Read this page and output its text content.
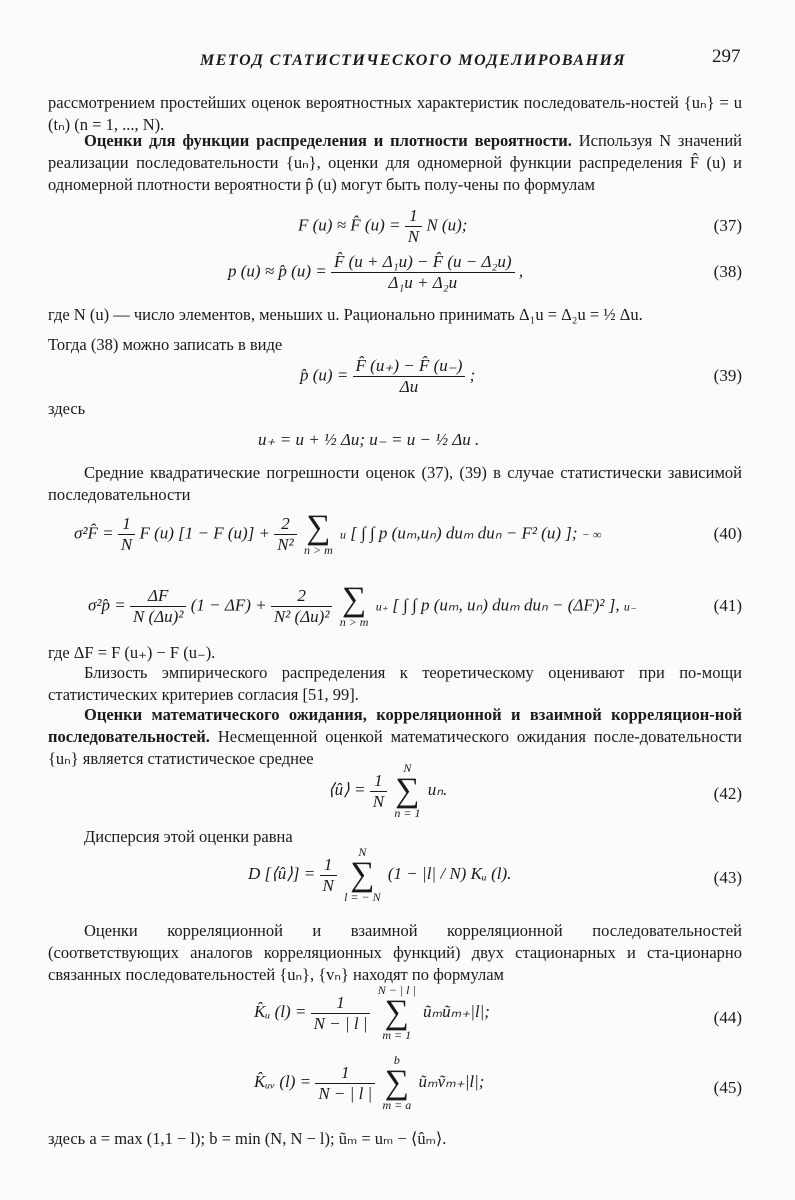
МЕТОД СТАТИСТИЧЕСКОГО МОДЕЛИРОВАНИЯ	297
рассмотрением простейших оценок вероятностных характеристик последователь-ностей {uₙ} = u (tₙ) (n = 1, ..., N).
Оценки для функции распределения и плотности вероятности. Используя N значений реализации последовательности {uₙ}, оценки для одномерной функции распределения F̂ (u) и одномерной плотности вероятности p̂ (u) могут быть полу-чены по формулам
F (u) ≈ F̂ $(u) = \frac{1}{N}$ N (u);	(37)
p (u) ≈ p̂ $(u) = \frac{\text{F̂ (u + Δ₁u) − F̂ (u − Δ₂u)}}{\text{Δ₁u + Δ₂u}}$ ,	(38)
где N (u) — число элементов, меньших u. Рационально принимать Δ₁u = Δ₂u = ½ Δu.
Тогда (38) можно записать в виде
p̂ $(u) = \frac{F̂ (u_+) - F̂ (u_-)}{\Delta u}$ ;	(39)
здесь
u₊ = u + ½ Δu; u₋ = u − ½ Δu .
Средние квадратические погрешности оценок (37), (39) в случае статистически зависимой последовательности
σ²F̂ = $\frac{1}{N}$ F (u) [1 − F $(u)] + \frac{2}{\text{N²}}$
∑
n > m u [ ∫ ∫ p (uₘ,uₙ) duₘ duₙ − F² (u) ]; − ∞	(40)
σ²p̂ = $\frac{\Delta F}{\text{N (Δu)²}} (1 - \Delta F) + \frac{2}{\text{N² (Δu)²}}$
∑
n > m u₊ [ ∫ ∫ p (uₘ, uₙ) duₘ duₙ − (ΔF)² ], u₋	(41)
где ΔF = F (u₊) − F (u₋).
Близость эмпирического распределения к теоретическому оценивают при по-мощи статистических критериев согласия [51, 99].
Оценки математического ожидания, корреляционной и взаимной корреляцион-ной последовательностей. Несмещенной оценкой математического ожидания после-довательности {uₙ} является статистическое среднее
⟨û⟩ = $\frac{1}{N}$
N
∑
n = 1 uₙ.	(42)
Дисперсия этой оценки равна
D [⟨û⟩] = $\frac{1}{N}$
N
∑
l = − N (1 − |l| / N) Kᵤ (l).	(43)
Оценки корреляционной и взаимной корреляционной последовательностей (соответствующих аналогов корреляционных функций) двух стационарных и ста-ционарно связанных последовательностей {uₙ}, {vₙ} находят по формулам
K̂ᵤ $(l) = \frac{1}{N - | l |}$
N − | l |
∑
m = 1 ũₘũₘ₊|l|;	(44)
K̂ᵤᵥ $(l) = \frac{1}{N - | l |}$
b
∑
m = a ũₘṽₘ₊|l|;	(45)
здесь a = max (1,1 − l); b = min (N, N − l); ũₘ = uₘ − ⟨ûₘ⟩.
